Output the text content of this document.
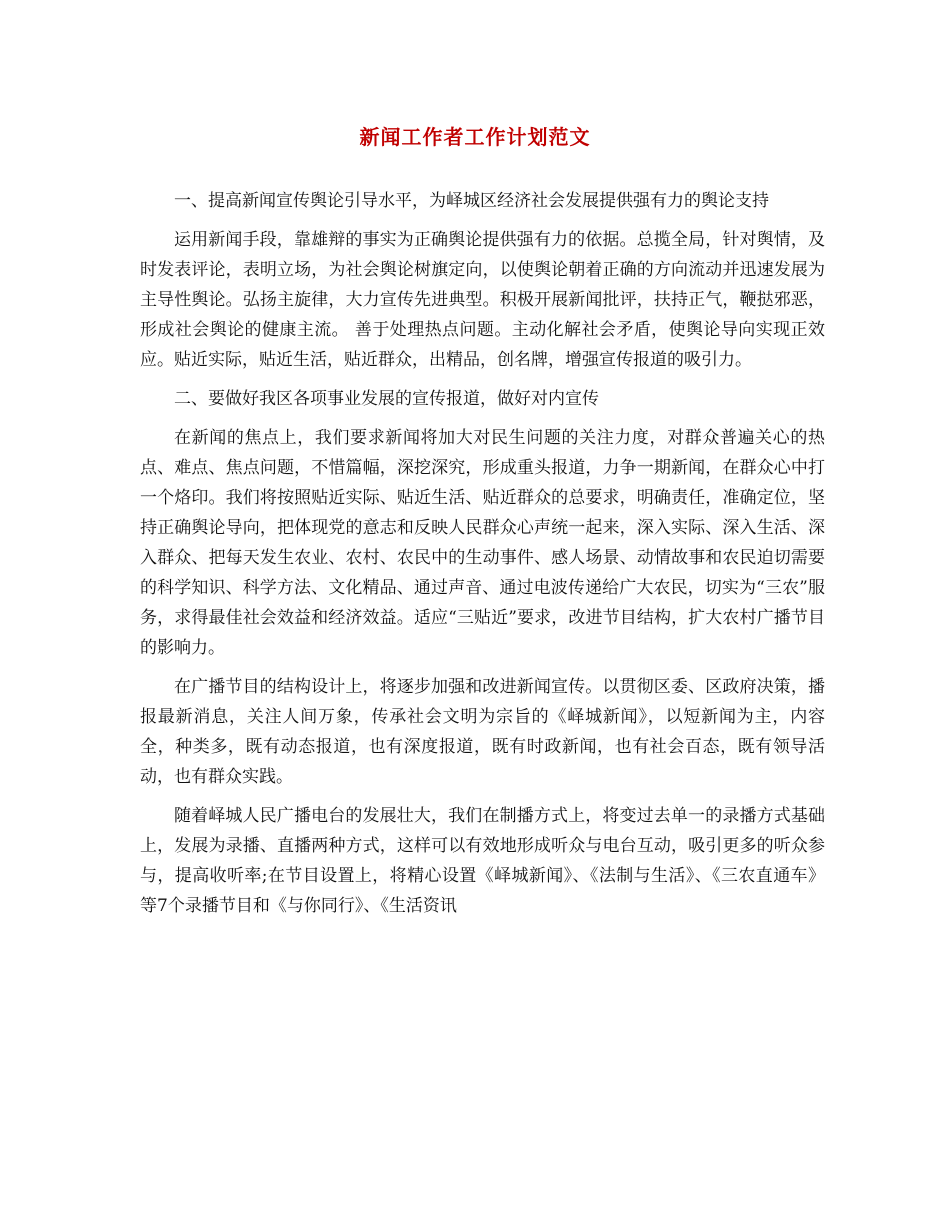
新闻工作者工作计划范文

一、提高新闻宣传舆论引导水平，为峄城区经济社会发展提供强有力的舆论支持

运用新闻手段，靠雄辩的事实为正确舆论提供强有力的依据。总揽全局，针对舆情，及时发表评论，表明立场，为社会舆论树旗定向，以使舆论朝着正确的方向流动并迅速发展为主导性舆论。弘扬主旋律，大力宣传先进典型。积极开展新闻批评，扶持正气，鞭挞邪恶，形成社会舆论的健康主流。 善于处理热点问题。主动化解社会矛盾，使舆论导向实现正效应。贴近实际，贴近生活，贴近群众，出精品，创名牌，增强宣传报道的吸引力。

二、要做好我区各项事业发展的宣传报道，做好对内宣传

在新闻的焦点上，我们要求新闻将加大对民生问题的关注力度，对群众普遍关心的热点、难点、焦点问题，不惜篇幅，深挖深究，形成重头报道，力争一期新闻，在群众心中打一个烙印。我们将按照贴近实际、贴近生活、贴近群众的总要求，明确责任，准确定位，坚持正确舆论导向，把体现党的意志和反映人民群众心声统一起来，深入实际、深入生活、深入群众、把每天发生农业、农村、农民中的生动事件、感人场景、动情故事和农民迫切需要的科学知识、科学方法、文化精品、通过声音、通过电波传递给广大农民，切实为“三农”服务，求得最佳社会效益和经济效益。适应“三贴近”要求，改进节目结构，扩大农村广播节目的影响力。

在广播节目的结构设计上，将逐步加强和改进新闻宣传。以贯彻区委、区政府决策，播报最新消息，关注人间万象，传承社会文明为宗旨的《峄城新闻》，以短新闻为主，内容全，种类多，既有动态报道，也有深度报道，既有时政新闻，也有社会百态，既有领导活动，也有群众实践。

随着峄城人民广播电台的发展壮大，我们在制播方式上，将变过去单一的录播方式基础上，发展为录播、直播两种方式，这样可以有效地形成听众与电台互动，吸引更多的听众参与，提高收听率;在节目设置上，将精心设置《峄城新闻》、《法制与生活》、《三农直通车》等7个录播节目和《与你同行》、《生活资讯
